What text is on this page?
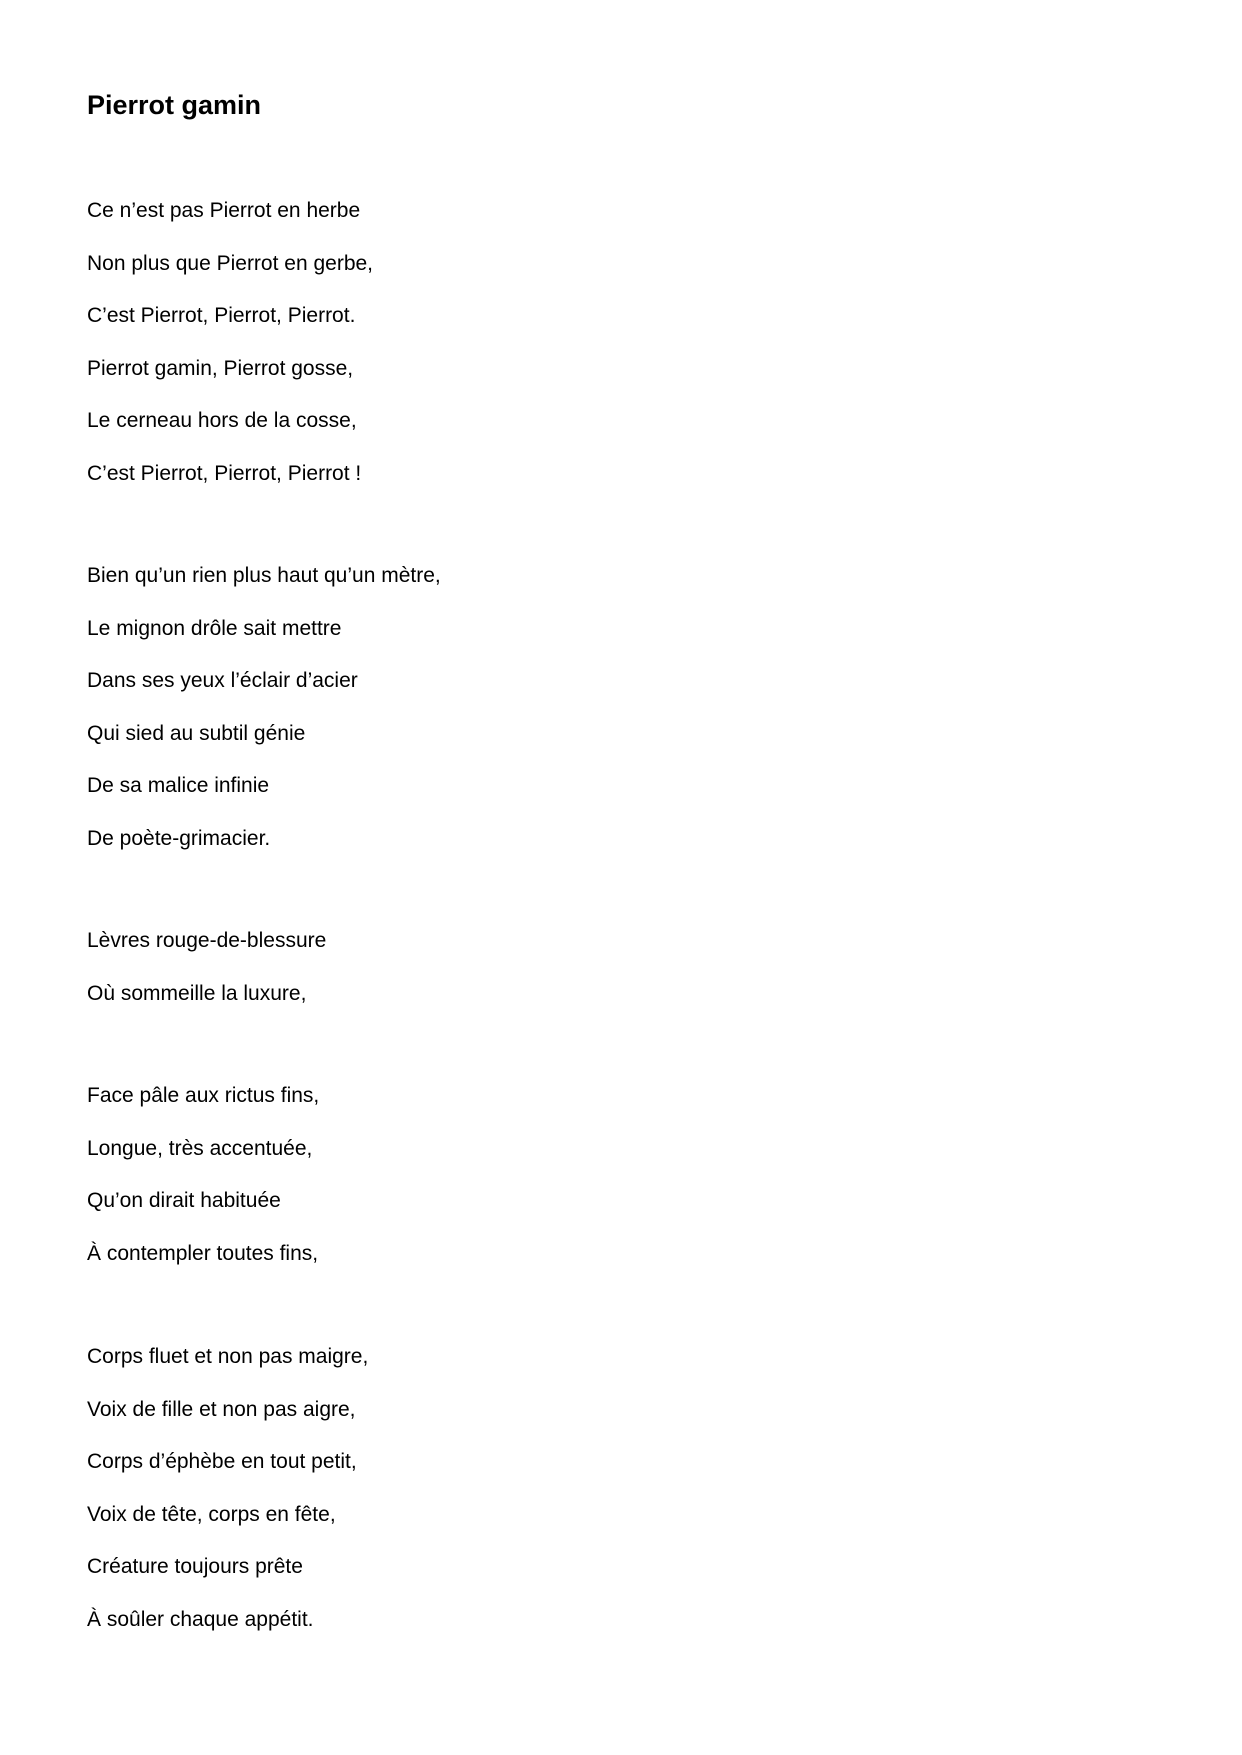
Pierrot gamin
Ce n’est pas Pierrot en herbe
Non plus que Pierrot en gerbe,
C’est Pierrot, Pierrot, Pierrot.
Pierrot gamin, Pierrot gosse,
Le cerneau hors de la cosse,
C’est Pierrot, Pierrot, Pierrot !
Bien qu’un rien plus haut qu’un mètre,
Le mignon drôle sait mettre
Dans ses yeux l’éclair d’acier
Qui sied au subtil génie
De sa malice infinie
De poète-grimacier.
Lèvres rouge-de-blessure
Où sommeille la luxure,
Face pâle aux rictus fins,
Longue, très accentuée,
Qu’on dirait habituée
À contempler toutes fins,
Corps fluet et non pas maigre,
Voix de fille et non pas aigre,
Corps d’éphèbe en tout petit,
Voix de tête, corps en fête,
Créature toujours prête
À soûler chaque appétit.
